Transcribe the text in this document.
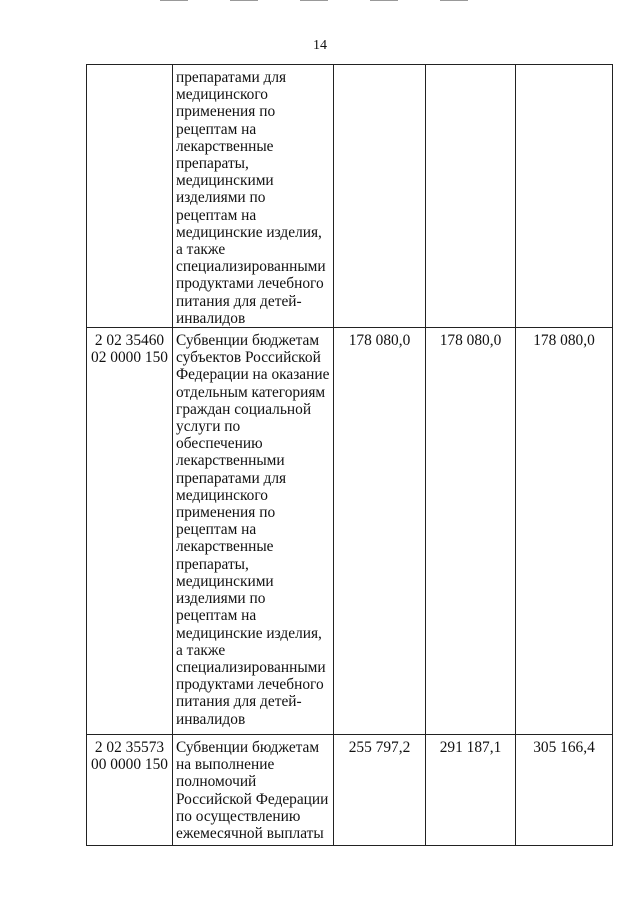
14
	препаратами для медицинского применения по рецептам на лекарственные препараты, медицинскими изделиями по рецептам на медицинские изделия, а также специализированными продуктами лечебного питания для детей-инвалидов			
2 02 35460 02 0000 150	Субвенции бюджетам субъектов Российской Федерации на оказание отдельным категориям граждан социальной услуги по обеспечению лекарственными препаратами для медицинского применения по рецептам на лекарственные препараты, медицинскими изделиями по рецептам на медицинские изделия, а также специализированными продуктами лечебного питания для детей-инвалидов	178 080,0	178 080,0	178 080,0
2 02 35573 00 0000 150	Субвенции бюджетам на выполнение полномочий Российской Федерации по осуществлению ежемесячной выплаты	255 797,2	291 187,1	305 166,4
